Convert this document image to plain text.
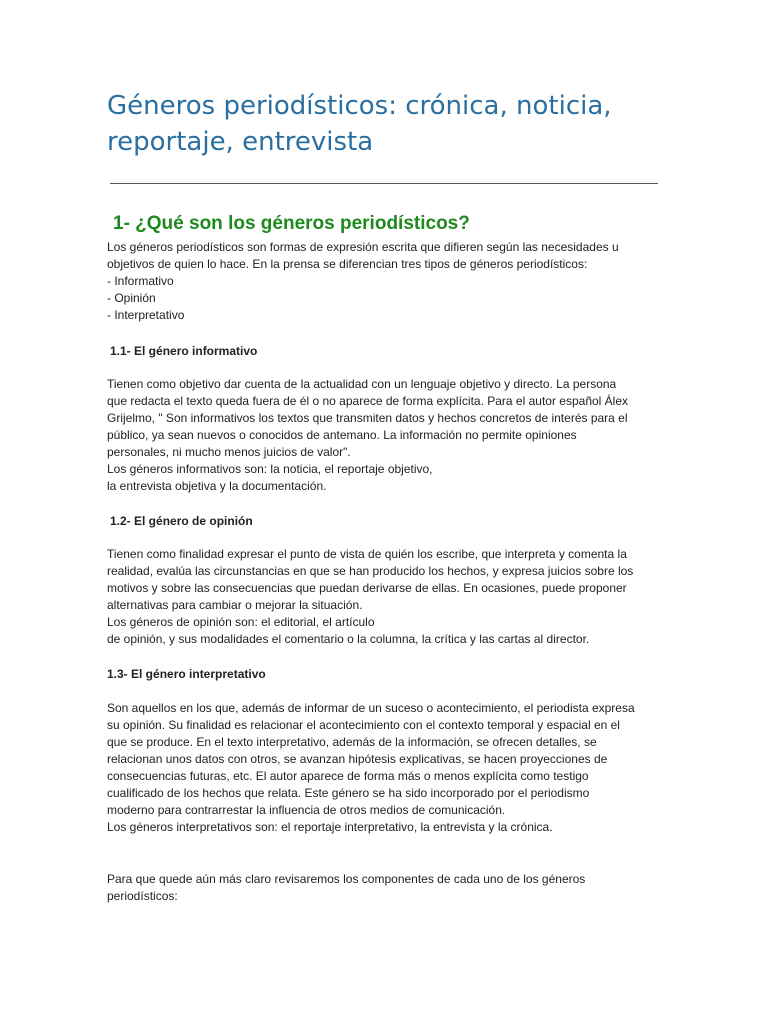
Géneros periodísticos: crónica, noticia,
reportaje, entrevista
1- ¿Qué son los géneros periodísticos?
Los géneros periodísticos son formas de expresión escrita que difieren según las necesidades u
objetivos de quien lo hace. En la prensa se diferencian tres tipos de géneros periodísticos:
- Informativo
- Opinión
- Interpretativo
1.1- El género informativo
Tienen como objetivo dar cuenta de la actualidad con un lenguaje objetivo y directo. La persona
que redacta el texto queda fuera de él o no aparece de forma explícita. Para el autor español Álex
Grijelmo, " Son informativos los textos que transmiten datos y hechos concretos de interés para el
público, ya sean nuevos o conocidos de antemano. La información no permite opiniones
personales, ni mucho menos juicios de valor".
Los géneros informativos son: la noticia, el reportaje objetivo,
la entrevista objetiva y la documentación.
1.2- El género de opinión
Tienen como finalidad expresar el punto de vista de quién los escribe, que interpreta y comenta la
realidad, evalúa las circunstancias en que se han producido los hechos, y expresa juicios sobre los
motivos y sobre las consecuencias que puedan derivarse de ellas. En ocasiones, puede proponer
alternativas para cambiar o mejorar la situación.
Los géneros de opinión son: el editorial, el artículo
de opinión, y sus modalidades el comentario o la columna, la crítica y las cartas al director.
1.3- El género interpretativo
Son aquellos en los que, además de informar de un suceso o acontecimiento, el periodista expresa
su opinión. Su finalidad es relacionar el acontecimiento con el contexto temporal y espacial en el
que se produce. En el texto interpretativo, además de la información, se ofrecen detalles, se
relacionan unos datos con otros, se avanzan hipótesis explicativas, se hacen proyecciones de
consecuencias futuras, etc. El autor aparece de forma más o menos explícita como testigo
cualificado de los hechos que relata. Este género se ha sido incorporado por el periodismo
moderno para contrarrestar la influencia de otros medios de comunicación.
Los géneros interpretativos son: el reportaje interpretativo, la entrevista y la crónica.
Para que quede aún más claro revisaremos los componentes de cada uno de los géneros
periodísticos:
